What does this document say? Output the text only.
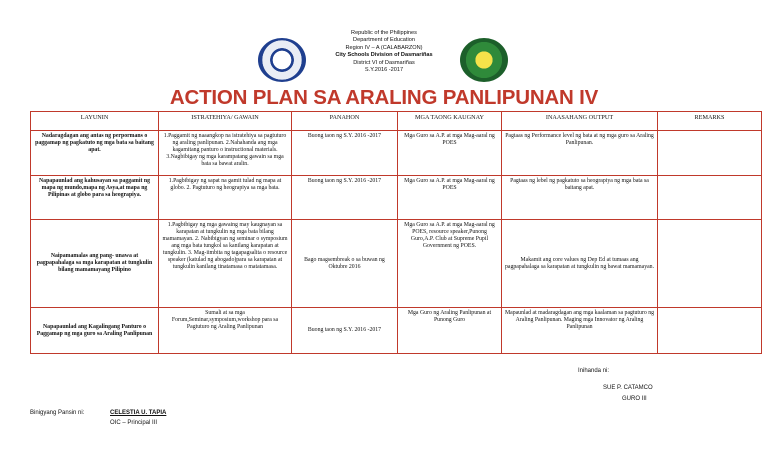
Republic of the Philippines
Department of Education
Region IV – A (CALABARZON)
City Schools Division of Dasmariñas
District VI of Dasmariñas
S.Y.2016 -2017
ACTION PLAN SA ARALING PANLIPUNAN IV
LAYUNIN	ISTRATEHIYA/ GAWAIN	PANAHON	MGA TAONG KAUGNAY	INAASAHANG OUTPUT	REMARKS
Nadaragdagan ang antas ng perpormans o paggamap ng pagkatuto ng mga bata sa baitang apat.	1.Paggamit ng naaangkop na istratehiya sa pagtuturo ng araling panlipunan. 2.Nahahanda ang mga kagamitang panturo o instructional materials. 3.Nagbibigay ng mga karampatang gawain sa mga bata sa bawat aralin.	Buong taon ng S.Y. 2016 -2017	Mga Guro sa A.P. at mga Mag-aaral ng POES	Pagtaas ng Performance level ng bata at ng mga guro sa Araling Panlipunan.	
Napapaunlad ang kahusayan sa paggamit ng mapa ng mundo,mapa ng Asya,at mapa ng Pilipinas at globo para sa heograpiya.	1.Pagbibigay ng sapat na gamit tulad ng mapa at globo. 2. Pagtuturo ng heograpiya sa mga bata.	Buong taon ng S.Y. 2016 -2017	Mga Guro sa A.P. at mga Mag-aaral ng POES	Pagtaas ng lebel ng pagkatuto sa heograpiya ng mga bata sa baitang apat.	
Naipamamalas ang pang- unawa at pagpapahalaga sa mga karapatan at tungkulin bilang mamamayang Pilipino	1.Pagbibigay ng mga gawaing may kaugnayan sa karapatan at tungkulin ng mga bata bilang mamamayan. 2. Nabibigyan ng seminar o symposium ang mga bata tungkol sa kanilang karapatan at tungkulin. 3. Mag-iimbita ng tagapagsalita o resource speaker (katulad ng abogado)para sa karapatan at tungkulin kanilang tinatamasa o matatamasa.	Bago magsembreak o sa buwan ng Oktubre 2016	Mga Guro sa A.P. at mga Mag-aaral ng POES, resource speaker,Punong Guro,A.P. Club at Supreme Pupil Government ng POES.	Makamit ang core values ng Dep Ed at tumaas ang pagpapahalaga sa karapatan at tungkulin ng bawat mamamayan.	
Napapaunlad ang Kagalingang Panturo o Paggamap ng mga guro sa Araling Panlipunan	Sumali at sa mga Forum,Seminar,symposium,workshop para sa Pagtuturo ng Araling Panlipunan	Buong taon ng S.Y. 2016 -2017	Mga Guro ng Araling Panlipunan at Punong Guro	Mapaunlad at madaragdagan ang mga kaalaman sa pagtuturo ng Araling Panlipunan. Maging mga Innovator ng Araling Panlipunan	
Inihanda ni:
SUE P. CATAMCO
GURO III
Binigyang Pansin ni:	CELESTIA U. TAPIA
OIC – Principal III
